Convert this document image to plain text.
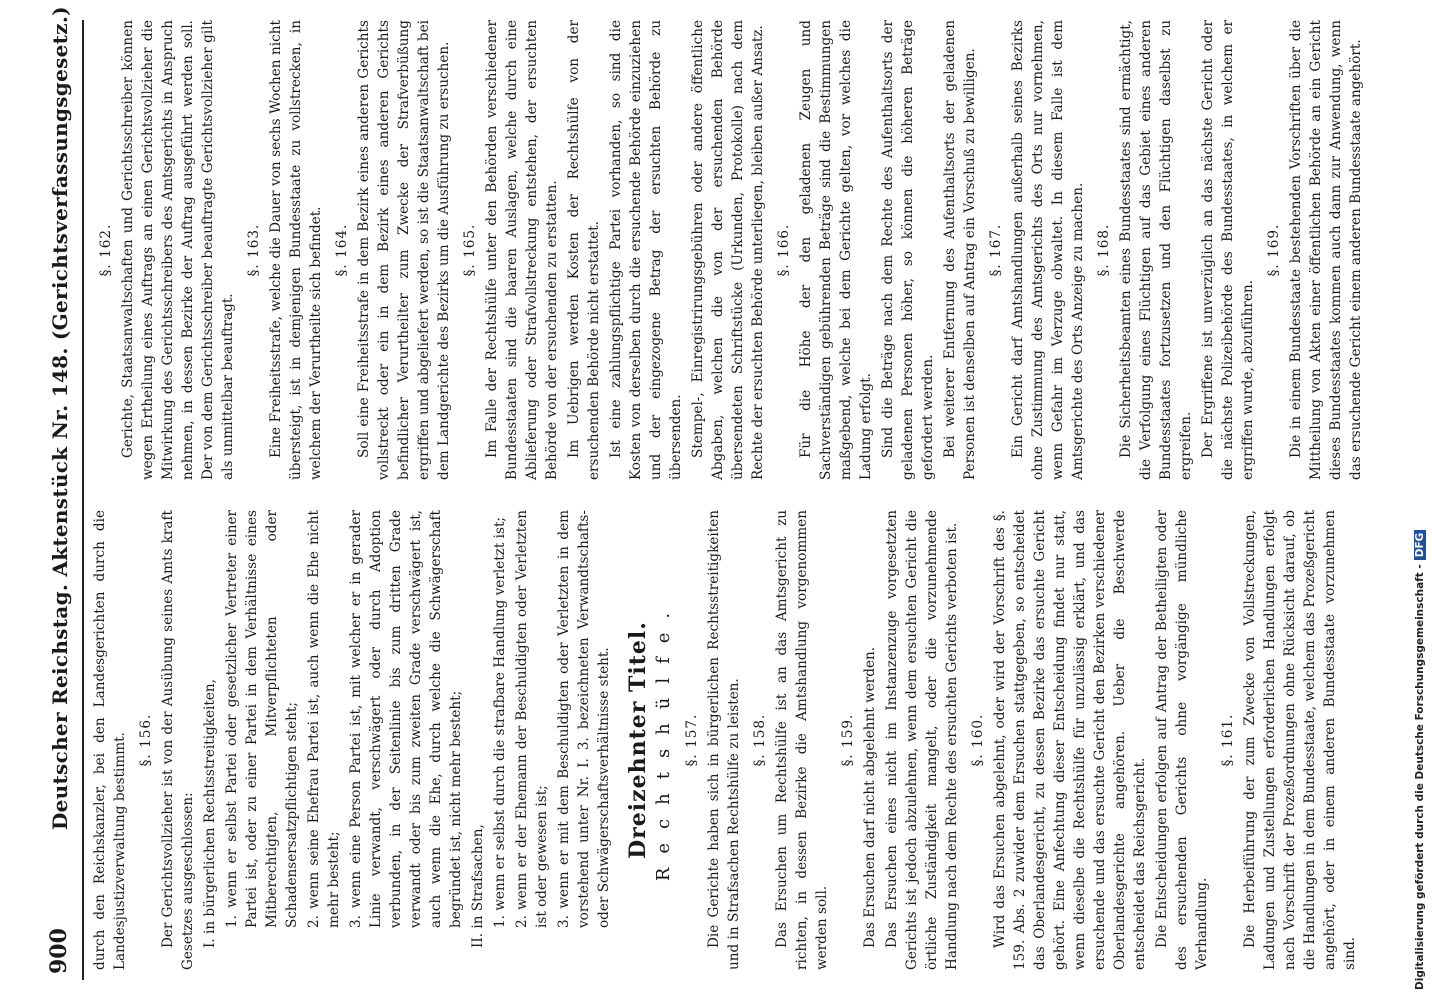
900
Deutscher Reichstag. Aktenstück Nr. 148. (Gerichtsverfassungsgesetz.) durch den Reichskanzler, bei den Landesgerichten durch die Landesjustizverwaltung bestimmt. §. 156. Der Gerichtsvollzieher ist von der Ausübung seines Amts kraft Gesetzes ausgeschlossen: I. in bürgerlichen Rechtsstreitigkeiten, 1. wenn er selbst Partei oder gesetzlicher Vertreter einer Partei ist, oder zu einer Partei in dem Verhältnisse eines Mitberechtigten, Mitverpflichteten oder Schadensersatzpflichtigen steht; 2. wenn seine Ehefrau Partei ist, auch wenn die Ehe nicht mehr besteht; 3. wenn eine Person Partei ist, mit welcher er in gerader Linie verwandt, verschwägert oder durch Adoption verbunden, in der Seitenlinie bis zum dritten Grade verwandt oder bis zum zweiten Grade verschwägert ist, auch wenn die Ehe, durch welche die Schwägerschaft begründet ist, nicht mehr besteht; II. in Strafsachen, 1. wenn er selbst durch die strafbare Handlung verletzt ist; 2. wenn er der Ehemann der Beschuldigten oder Verletzten ist oder gewesen ist; 3. wenn er mit dem Beschuldigten oder Verletzten in dem vorstehend unter Nr. I. 3. bezeichneten Verwandtschafts- oder Schwägerschaftsverhältnisse steht. Dreizehnter Titel. Rechtshülfe. §. 157. Die Gerichte haben sich in bürgerlichen Rechtsstreitigkeiten und in Strafsachen Rechtshülfe zu leisten. §. 158. Das Ersuchen um Rechtshülfe ist an das Amtsgericht zu richten, in dessen Bezirke die Amtshandlung vorgenommen werden soll.

§. 159. Das Ersuchen darf nicht abgelehnt werden. Das Ersuchen eines nicht im Instanzenzuge vorgesetzten Gerichts ist jedoch abzulehnen, wenn dem ersuchten Gericht die örtliche Zuständigkeit mangelt, oder die vorzunehmende Handlung nach dem Rechte des ersuchten Gerichts verboten ist. §. 160. Wird das Ersuchen abgelehnt, oder wird der Vorschrift des §. 159. Abs. 2 zuwider dem Ersuchen stattgegeben, so entscheidet das Oberlandesgericht, zu dessen Bezirke das ersuchte Gericht gehört. Eine Anfechtung dieser Entscheidung findet nur statt, wenn dieselbe die Rechtshülfe für unzulässig erklärt, und das ersuchende und das ersuchte Gericht den Bezirken verschiedener Oberlandesgerichte angehören. Ueber die Beschwerde entscheidet das Reichsgericht. Die Entscheidungen erfolgen auf Antrag der Betheiligten oder des ersuchenden Gerichts ohne vorgängige mündliche Verhandlung.

§. 161. Die Herbeiführung der zum Zwecke von Vollstreckungen, Ladungen und Zustellungen erforderlichen Handlungen erfolgt nach Vorschrift der Prozeßordnungen ohne Rücksicht darauf, ob die Handlungen in dem Bundesstaate, welchem das Prozeßgericht angehört, oder in einem anderen Bundesstaate vorzunehmen sind.

§. 162. Gerichte, Staatsanwaltschaften und Gerichtsschreiber können wegen Ertheilung eines Auftrags an einen Gerichtsvollzieher die Mitwirkung des Gerichtsschreibers des Amtsgerichts in Anspruch nehmen, in dessen Bezirke der Auftrag ausgeführt werden soll. Der von dem Gerichtsschreiber beauftragte Gerichtsvollzieher gilt als unmittelbar beauftragt.

§. 163. Eine Freiheitsstrafe, welche die Dauer von sechs Wochen nicht übersteigt, ist in demjenigen Bundesstaate zu vollstrecken, in welchem der Verurtheilte sich befindet. §. 164. Soll eine Freiheitsstrafe in dem Bezirk eines anderen Gerichts vollstreckt oder ein in dem Bezirk eines anderen Gerichts befindlicher Verurtheilter zum Zwecke der Strafverbüßung ergriffen und abgeliefert werden, so ist die Staatsanwaltschaft bei dem Landgerichte des Bezirks um die Ausführung zu ersuchen. §. 165. Im Falle der Rechtshülfe unter den Behörden verschiedener Bundesstaaten sind die baaren Auslagen, welche durch eine Ablieferung oder Strafvollstreckung entstehen, der ersuchten Behörde von der ersuchenden zu erstatten. Im Uebrigen werden Kosten der Rechtshülfe von der ersuchenden Behörde nicht erstattet. Ist eine zahlungspflichtige Partei vorhanden, so sind die Kosten von derselben durch die ersuchende Behörde einzuziehen und der eingezogene Betrag der ersuchten Behörde zu übersenden. Stempel-, Einregistrirungsgebühren oder andere öffentliche Abgaben, welchen die von der ersuchenden Behörde übersendeten Schriftstücke (Urkunden, Protokolle) nach dem Rechte der ersuchten Behörde unterliegen, bleiben außer Ansatz. §. 166. Für die Höhe der den geladenen Zeugen und Sachverständigen gebührenden Beträge sind die Bestimmungen maßgebend, welche bei dem Gerichte gelten, vor welches die Ladung erfolgt. Sind die Beträge nach dem Rechte des Aufenthaltsorts der geladenen Personen höher, so können die höheren Beträge gefordert werden. Bei weiterer Entfernung des Aufenthaltsorts der geladenen Personen ist denselben auf Antrag ein Vorschuß zu bewilligen. §. 167. Ein Gericht darf Amtshandlungen außerhalb seines Bezirks ohne Zustimmung des Amtsgerichts des Orts nur vornehmen, wenn Gefahr im Verzuge obwaltet. In diesem Falle ist dem Amtsgerichte des Orts Anzeige zu machen. §. 168. Die Sicherheitsbeamten eines Bundesstaates sind ermächtigt, die Verfolgung eines Flüchtigen auf das Gebiet eines anderen Bundesstaates fortzusetzen und den Flüchtigen daselbst zu ergreifen. Der Ergriffene ist unverzüglich an das nächste Gericht oder die nächste Polizeibehörde des Bundesstaates, in welchem er ergriffen wurde, abzuführen.

§. 169. Die in einem Bundesstaate bestehenden Vorschriften über die Mittheilung von Akten einer öffentlichen Behörde an ein Gericht dieses Bundesstaates kommen auch dann zur Anwendung, wenn das ersuchende Gericht einem anderen Bundesstaate angehört.

Digitalisierung gefördert durch die Deutsche Forschungsgemeinschaft -DFG
